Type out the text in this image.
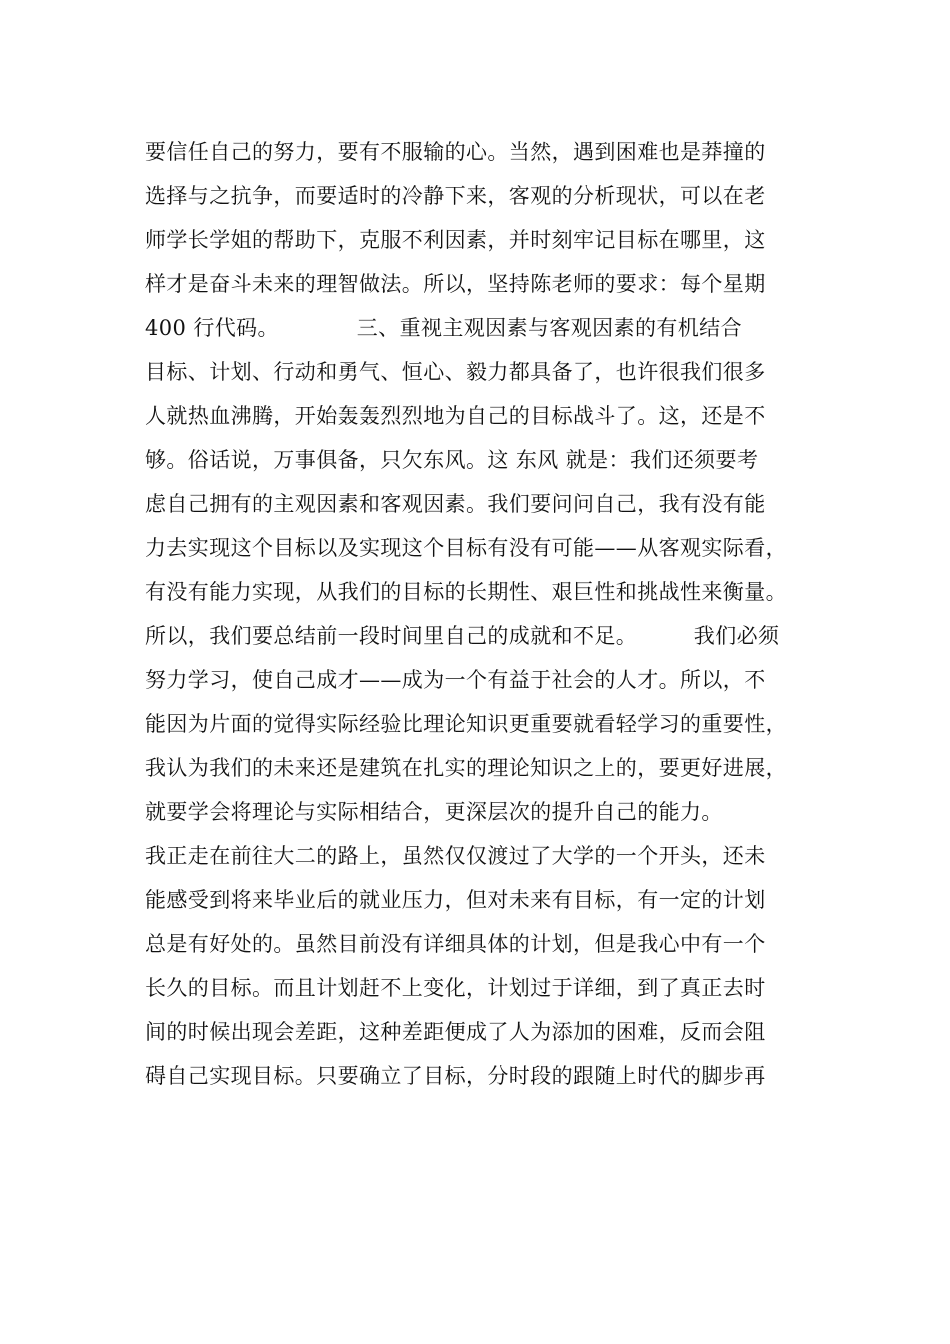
要信任自己的努力，要有不服输的心。当然，遇到困难也是莽撞的
选择与之抗争，而要适时的冷静下来，客观的分析现状，可以在老
师学长学姐的帮助下，克服不利因素，并时刻牢记目标在哪里，这
样才是奋斗未来的理智做法。所以，坚持陈老师的要求：每个星期
400 行代码。           三、重视主观因素与客观因素的有机结合
目标、计划、行动和勇气、恒心、毅力都具备了，也许很我们很多
人就热血沸腾，开始轰轰烈烈地为自己的目标战斗了。这，还是不
够。俗话说，万事俱备，只欠东风。这 东风 就是：我们还须要考
虑自己拥有的主观因素和客观因素。我们要问问自己，我有没有能
力去实现这个目标以及实现这个目标有没有可能——从客观实际看，
有没有能力实现，从我们的目标的长期性、艰巨性和挑战性来衡量。
所以，我们要总结前一段时间里自己的成就和不足。        我们必须
努力学习，使自己成才——成为一个有益于社会的人才。所以，不
能因为片面的觉得实际经验比理论知识更重要就看轻学习的重要性，
我认为我们的未来还是建筑在扎实的理论知识之上的，要更好进展，
就要学会将理论与实际相结合，更深层次的提升自己的能力。
我正走在前往大二的路上，虽然仅仅渡过了大学的一个开头，还未
能感受到将来毕业后的就业压力，但对未来有目标，有一定的计划
总是有好处的。虽然目前没有详细具体的计划，但是我心中有一个
长久的目标。而且计划赶不上变化，计划过于详细，到了真正去时
间的时候出现会差距，这种差距便成了人为添加的困难，反而会阻
碍自己实现目标。只要确立了目标，分时段的跟随上时代的脚步再
